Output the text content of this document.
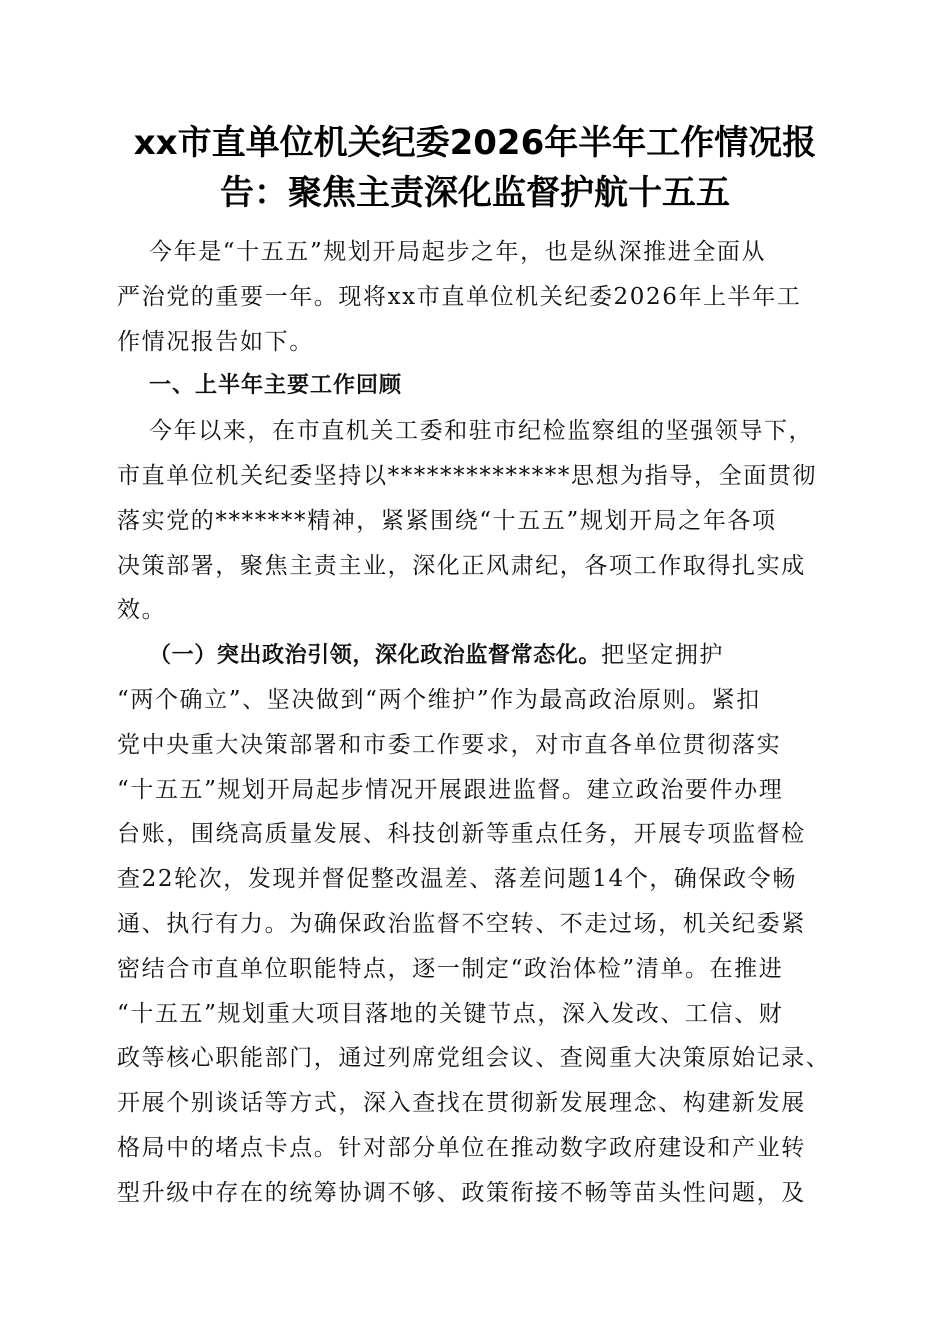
xx市直单位机关纪委2026年半年工作情况报
告：聚焦主责深化监督护航十五五
今年是“十五五”规划开局起步之年，也是纵深推进全面从
严治党的重要一年。现将xx市直单位机关纪委2026年上半年工
作情况报告如下。
一、上半年主要工作回顾
今年以来，在市直机关工委和驻市纪检监察组的坚强领导下，
市直单位机关纪委坚持以**************思想为指导，全面贯彻
落实党的*******精神，紧紧围绕“十五五”规划开局之年各项
决策部署，聚焦主责主业，深化正风肃纪，各项工作取得扎实成
效。
（一）突出政治引领，深化政治监督常态化。把坚定拥护
“两个确立”、坚决做到“两个维护”作为最高政治原则。紧扣
党中央重大决策部署和市委工作要求，对市直各单位贯彻落实
“十五五”规划开局起步情况开展跟进监督。建立政治要件办理
台账，围绕高质量发展、科技创新等重点任务，开展专项监督检
查22轮次，发现并督促整改温差、落差问题14个，确保政令畅
通、执行有力。为确保政治监督不空转、不走过场，机关纪委紧
密结合市直单位职能特点，逐一制定“政治体检”清单。在推进
“十五五”规划重大项目落地的关键节点，深入发改、工信、财
政等核心职能部门，通过列席党组会议、查阅重大决策原始记录、
开展个别谈话等方式，深入查找在贯彻新发展理念、构建新发展
格局中的堵点卡点。针对部分单位在推动数字政府建设和产业转
型升级中存在的统筹协调不够、政策衔接不畅等苗头性问题，及
